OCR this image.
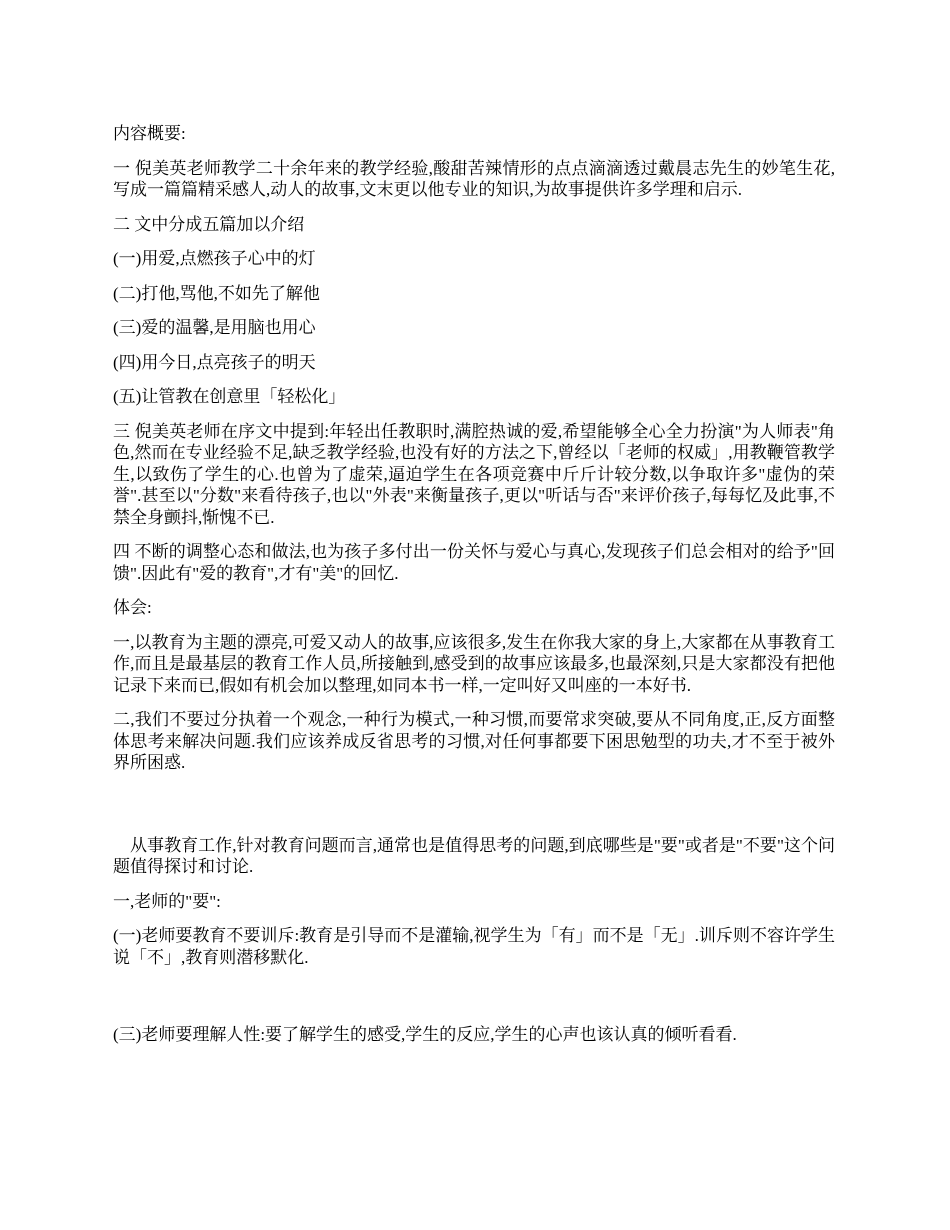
内容概要:

一 倪美英老师教学二十余年来的教学经验,酸甜苦辣情形的点点滴滴透过戴晨志先生的妙笔生花,写成一篇篇精采感人,动人的故事,文末更以他专业的知识,为故事提供许多学理和启示.

二 文中分成五篇加以介绍

(一)用爱,点燃孩子心中的灯

(二)打他,骂他,不如先了解他

(三)爱的温馨,是用脑也用心

(四)用今日,点亮孩子的明天

(五)让管教在创意里「轻松化」

三 倪美英老师在序文中提到:年轻出任教职时,满腔热诚的爱,希望能够全心全力扮演"为人师表"角色,然而在专业经验不足,缺乏教学经验,也没有好的方法之下,曾经以「老师的权威」,用教鞭管教学生,以致伤了学生的心.也曾为了虚荣,逼迫学生在各项竞赛中斤斤计较分数,以争取许多"虚伪的荣誉".甚至以"分数"来看待孩子,也以"外表"来衡量孩子,更以"听话与否"来评价孩子,每每忆及此事,不禁全身颤抖,惭愧不已.

四 不断的调整心态和做法,也为孩子多付出一份关怀与爱心与真心,发现孩子们总会相对的给予"回馈".因此有"爱的教育",才有"美"的回忆.

体会:

一,以教育为主题的漂亮,可爱又动人的故事,应该很多,发生在你我大家的身上,大家都在从事教育工作,而且是最基层的教育工作人员,所接触到,感受到的故事应该最多,也最深刻,只是大家都没有把他记录下来而已,假如有机会加以整理,如同本书一样,一定叫好又叫座的一本好书.

二,我们不要过分执着一个观念,一种行为模式,一种习惯,而要常求突破,要从不同角度,正,反方面整体思考来解决问题.我们应该养成反省思考的习惯,对任何事都要下困思勉型的功夫,才不至于被外界所困惑.

从事教育工作,针对教育问题而言,通常也是值得思考的问题,到底哪些是"要"或者是"不要"这个问题值得探讨和讨论.

一,老师的"要":

(一)老师要教育不要训斥:教育是引导而不是灌输,视学生为「有」而不是「无」.训斥则不容许学生说「不」,教育则潜移默化.

(三)老师要理解人性:要了解学生的感受,学生的反应,学生的心声也该认真的倾听看看.
